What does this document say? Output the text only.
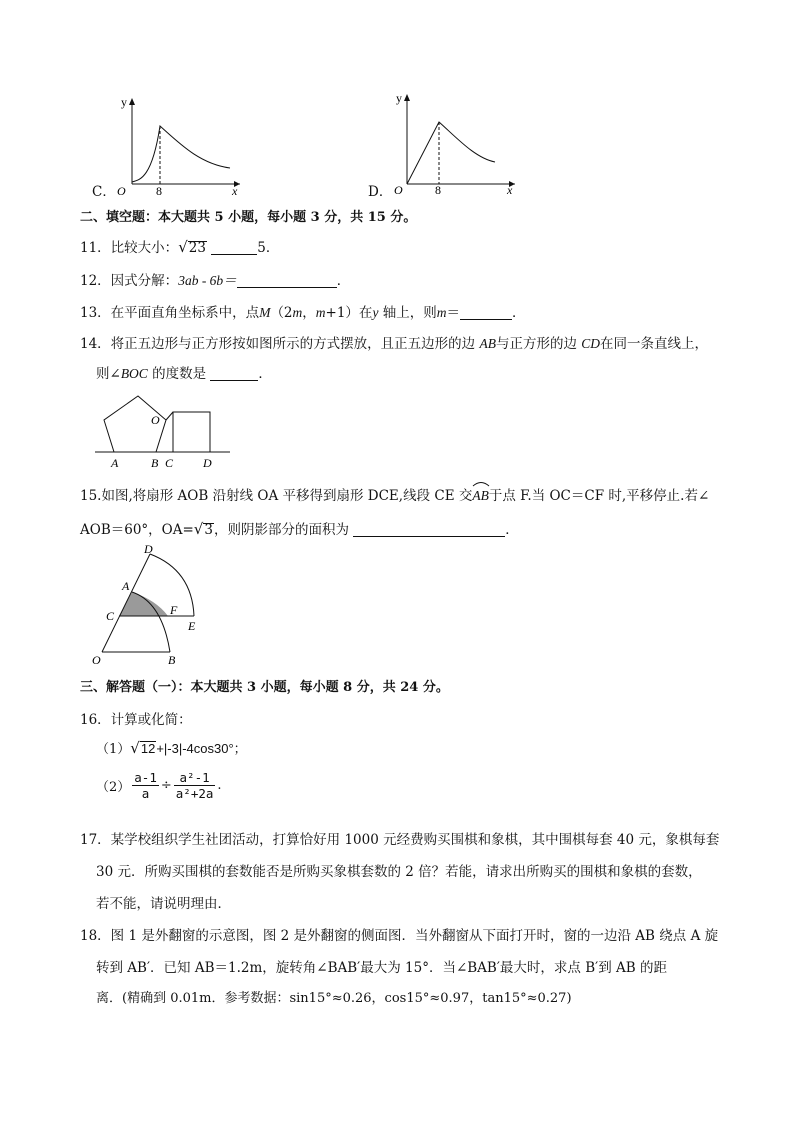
C．
y
O	8	x	D．
y
O	8	x
二、填空题：本大题共 5 小题，每小题 3 分，共 15 分。
11．比较大小：√23	5．
12．因式分解：3ab - 6b＝	．
13．在平面直角坐标系中，点M（2m，m+1）在y 轴上，则m＝	．
14．将正五边形与正方形按如图所示的方式摆放，且正五边形的边 AB与正方形的边 CD在同一条直线上，
则∠BOC 的度数是	．
O
A	B C D
15.如图,将扇形 AOB 沿射线 OA 平移得到扇形 DCE,线段 CE 交
AB于点 F.当 OC＝CF 时,平移停止.若∠
AOB＝60°，OA=√3，则阴影部分的面积为	．
D
A
C	F
E
O	B
三、解答题（一）：本大题共 3 小题，每小题 8 分，共 24 分。
16．计算或化简：
（1）√12+|-3|-4cos30°；
$(2) \frac{a-1}{a} \div \frac{\text{a²-1}}{\text{a²+2a}}$ .
17．某学校组织学生社团活动，打算恰好用 1000 元经费购买围棋和象棋，其中围棋每套 40 元，象棋每套
30 元．所购买围棋的套数能否是所购买象棋套数的 2 倍？若能，请求出所购买的围棋和象棋的套数，
若不能，请说明理由．
18．图 1 是外翻窗的示意图，图 2 是外翻窗的侧面图．当外翻窗从下面打开时，窗的一边沿 AB 绕点 A 旋
转到 AB′．已知 AB＝1.2m，旋转角∠BAB′最大为 15°．当∠BAB′最大时，求点 B′到 AB 的距
离．(精确到 0.01m．参考数据：sin15°≈0.26，cos15°≈0.97，tan15°≈0.27)
